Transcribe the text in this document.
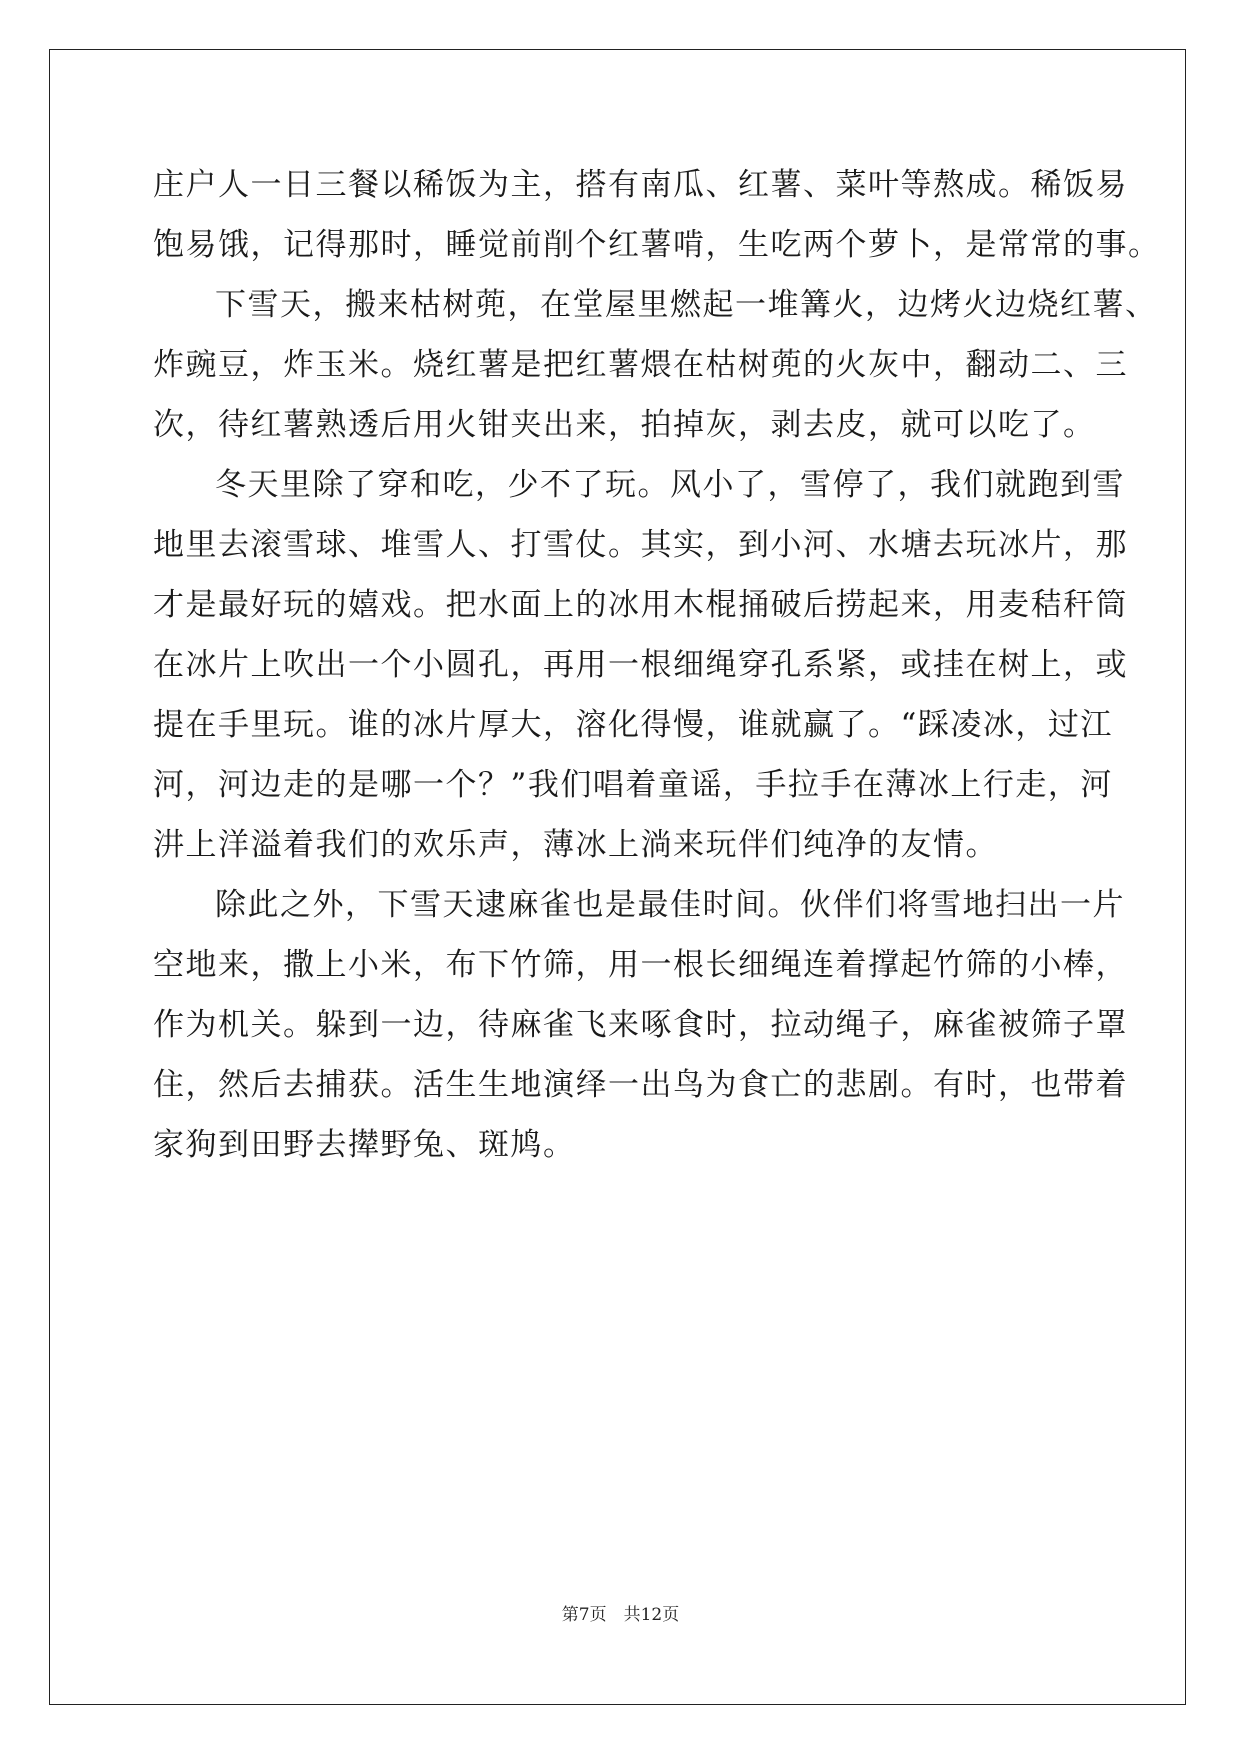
庄户人一日三餐以稀饭为主，搭有南瓜、红薯、菜叶等熬成。稀饭易
饱易饿，记得那时，睡觉前削个红薯啃，生吃两个萝卜，是常常的事。
下雪天，搬来枯树蔸，在堂屋里燃起一堆篝火，边烤火边烧红薯、
炸豌豆，炸玉米。烧红薯是把红薯煨在枯树蔸的火灰中，翻动二、三
次，待红薯熟透后用火钳夹出来，拍掉灰，剥去皮，就可以吃了。
冬天里除了穿和吃，少不了玩。风小了，雪停了，我们就跑到雪
地里去滚雪球、堆雪人、打雪仗。其实，到小河、水塘去玩冰片，那
才是最好玩的嬉戏。把水面上的冰用木棍捅破后捞起来，用麦秸秆筒
在冰片上吹出一个小圆孔，再用一根细绳穿孔系紧，或挂在树上，或
提在手里玩。谁的冰片厚大，溶化得慢，谁就赢了。“踩凌冰，过江
河，河边走的是哪一个？”我们唱着童谣，手拉手在薄冰上行走，河
汫上洋溢着我们的欢乐声，薄冰上淌来玩伴们纯净的友情。
除此之外，下雪天逮麻雀也是最佳时间。伙伴们将雪地扫出一片
空地来，撒上小米，布下竹筛，用一根长细绳连着撑起竹筛的小棒，
作为机关。躲到一边，待麻雀飞来啄食时，拉动绳子，麻雀被筛子罩
住，然后去捕获。活生生地演绎一出鸟为食亡的悲剧。有时，也带着
家狗到田野去撵野兔、斑鸠。
第7页　共12页
